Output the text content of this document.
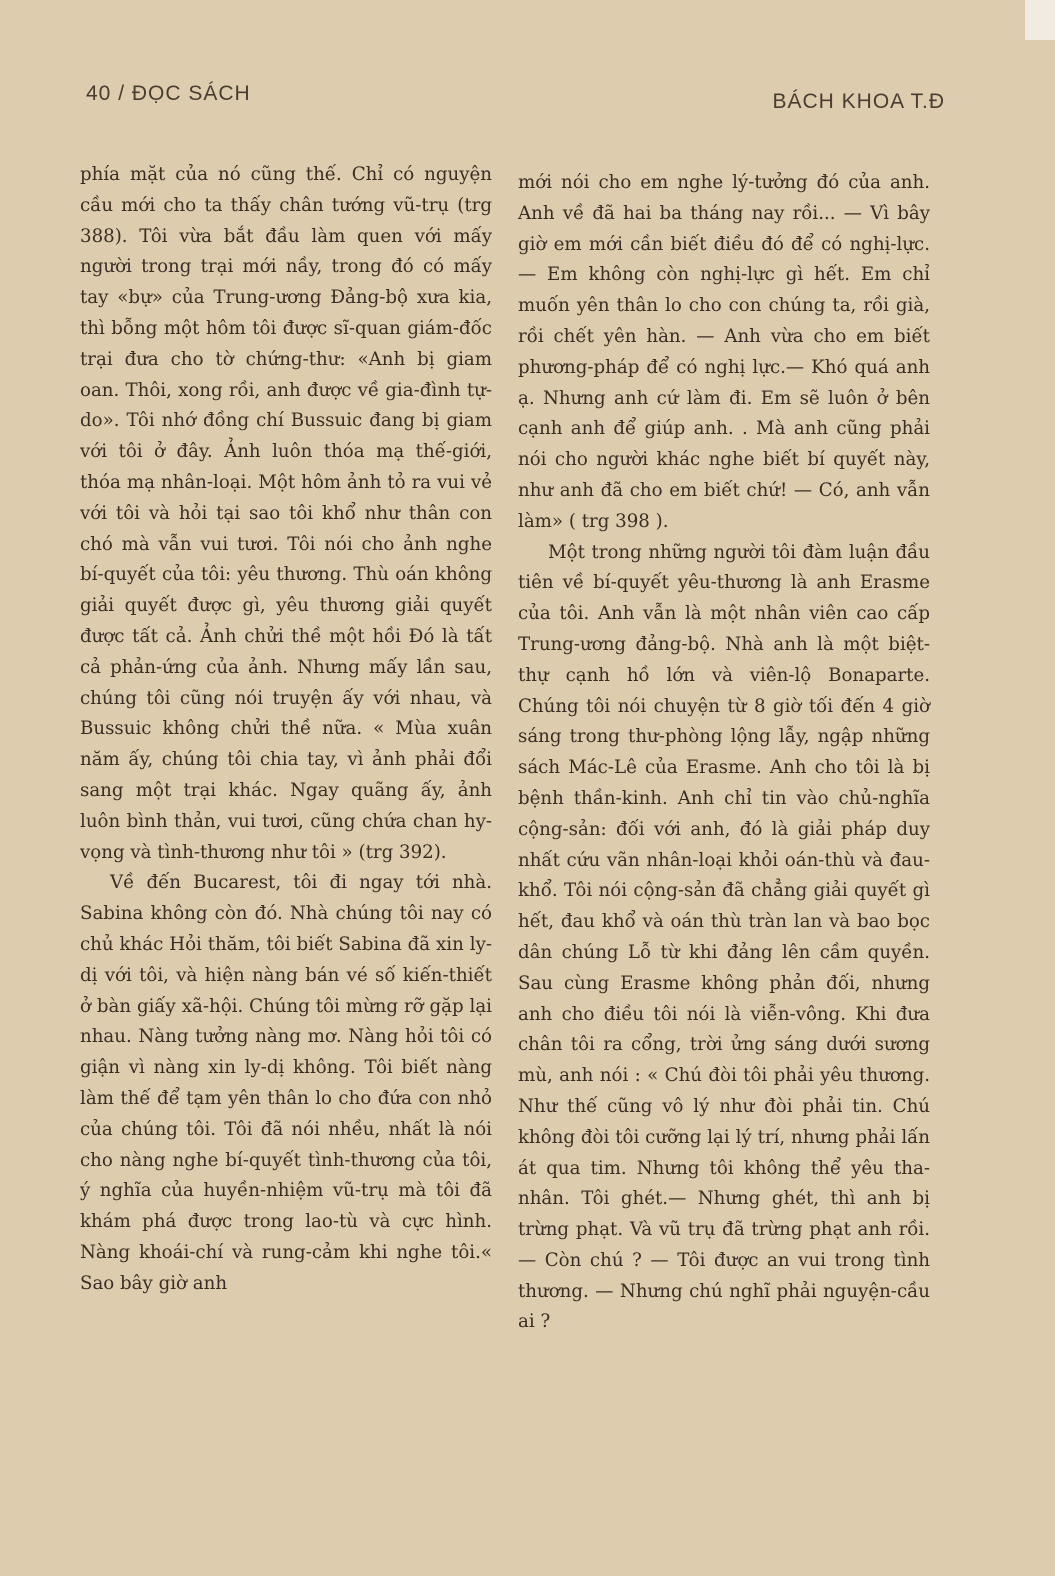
40 / ĐỌC SÁCH	BÁCH KHOA T.Đ

phía mặt của nó cũng thế. Chỉ có nguyện cầu mới cho ta thấy chân tướng vũ-trụ (trg 388). Tôi vừa bắt đầu làm quen với mấy người trong trại mới nầy, trong đó có mấy tay «bự» của Trung-ương Đảng-bộ xưa kia, thì bỗng một hôm tôi được sĩ-quan giám-đốc trại đưa cho tờ chứng-thư: «Anh bị giam oan. Thôi, xong rồi, anh được về gia-đình tự-do». Tôi nhớ đồng chí Bussuic đang bị giam với tôi ở đây. Ảnh luôn thóa mạ thế-giới, thóa mạ nhân-loại. Một hôm ảnh tỏ ra vui vẻ với tôi và hỏi tại sao tôi khổ như thân con chó mà vẫn vui tươi. Tôi nói cho ảnh nghe bí-quyết của tôi: yêu thương. Thù oán không giải quyết được gì, yêu thương giải quyết được tất cả. Ảnh chửi thề một hồi Đó là tất cả phản-ứng của ảnh. Nhưng mấy lần sau, chúng tôi cũng nói truyện ấy với nhau, và Bussuic không chửi thề nữa. « Mùa xuân năm ấy, chúng tôi chia tay, vì ảnh phải đổi sang một trại khác. Ngay quãng ấy, ảnh luôn bình thản, vui tươi, cũng chứa chan hy-vọng và tình-thương như tôi » (trg 392).

Về đến Bucarest, tôi đi ngay tới nhà. Sabina không còn đó. Nhà chúng tôi nay có chủ khác Hỏi thăm, tôi biết Sabina đã xin ly-dị với tôi, và hiện nàng bán vé số kiến-thiết ở bàn giấy xã-hội. Chúng tôi mừng rỡ gặp lại nhau. Nàng tưởng nàng mơ. Nàng hỏi tôi có giận vì nàng xin ly-dị không. Tôi biết nàng làm thế để tạm yên thân lo cho đứa con nhỏ của chúng tôi. Tôi đã nói nhều, nhất là nói cho nàng nghe bí-quyết tình-thương của tôi, ý nghĩa của huyền-nhiệm vũ-trụ mà tôi đã khám phá được trong lao-tù và cực hình. Nàng khoái-chí và rung-cảm khi nghe tôi.« Sao bây giờ anh

mới nói cho em nghe lý-tưởng đó của anh. Anh về đã hai ba tháng nay rồi... — Vì bây giờ em mới cần biết điều đó để có nghị-lực. — Em không còn nghị-lực gì hết. Em chỉ muốn yên thân lo cho con chúng ta, rồi già, rồi chết yên hàn. — Anh vừa cho em biết phương-pháp để có nghị lực.— Khó quá anh ạ. Nhưng anh cứ làm đi. Em sẽ luôn ở bên cạnh anh để giúp anh. . Mà anh cũng phải nói cho người khác nghe biết bí quyết này, như anh đã cho em biết chứ! — Có, anh vẫn làm» ( trg 398 ).

Một trong những người tôi đàm luận đầu tiên về bí-quyết yêu-thương là anh Erasme của tôi. Anh vẫn là một nhân viên cao cấp Trung-ương đảng-bộ. Nhà anh là một biệt-thự cạnh hồ lớn và viên-lộ Bonaparte. Chúng tôi nói chuyện từ 8 giờ tối đến 4 giờ sáng trong thư-phòng lộng lẫy, ngập những sách Mác-Lê của Erasme. Anh cho tôi là bị bệnh thần-kinh. Anh chỉ tin vào chủ-nghĩa cộng-sản: đối với anh, đó là giải pháp duy nhất cứu vãn nhân-loại khỏi oán-thù và đau-khổ. Tôi nói cộng-sản đã chẳng giải quyết gì hết, đau khổ và oán thù tràn lan và bao bọc dân chúng Lỗ từ khi đảng lên cầm quyền. Sau cùng Erasme không phản đối, nhưng anh cho điều tôi nói là viễn-vông. Khi đưa chân tôi ra cổng, trời ửng sáng dưới sương mù, anh nói : « Chú đòi tôi phải yêu thương. Như thế cũng vô lý như đòi phải tin. Chú không đòi tôi cưỡng lại lý trí, nhưng phải lấn át qua tim. Nhưng tôi không thể yêu tha-nhân. Tôi ghét.— Nhưng ghét, thì anh bị trừng phạt. Và vũ trụ đã trừng phạt anh rồi. — Còn chú ? — Tôi được an vui trong tình thương. — Nhưng chú nghĩ phải nguyện-cầu ai ?
